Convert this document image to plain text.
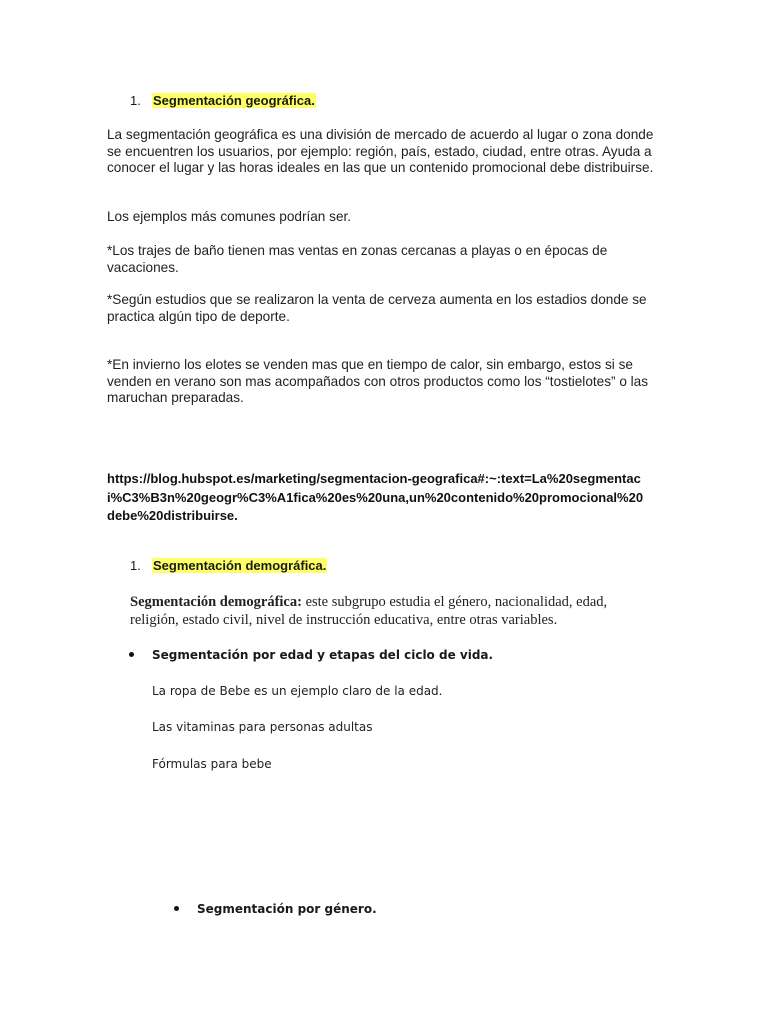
1. Segmentación geográfica.

La segmentación geográfica es una división de mercado de acuerdo al lugar o zona donde se encuentren los usuarios, por ejemplo: región, país, estado, ciudad, entre otras. Ayuda a conocer el lugar y las horas ideales en las que un contenido promocional debe distribuirse.

Los ejemplos más comunes podrían ser.

*Los trajes de baño tienen mas ventas en zonas cercanas a playas o en épocas de vacaciones.

*Según estudios que se realizaron la venta de cerveza aumenta en los estadios donde se practica algún tipo de deporte.

*En invierno los elotes se venden mas que en tiempo de calor, sin embargo, estos si se venden en verano son mas acompañados con otros productos como los “tostielotes” o las maruchan preparadas.

https://blog.hubspot.es/marketing/segmentacion-geografica#:~:text=La%20segmentaci%C3%B3n%20geogr%C3%A1fica%20es%20una,un%20contenido%20promocional%20debe%20distribuirse.

1. Segmentación demográfica.

Segmentación demográfica: este subgrupo estudia el género, nacionalidad, edad, religión, estado civil, nivel de instrucción educativa, entre otras variables.

Segmentación por edad y etapas del ciclo de vida.

La ropa de Bebe es un ejemplo claro de la edad.

Las vitaminas para personas adultas

Fórmulas para bebe

Segmentación por género.
